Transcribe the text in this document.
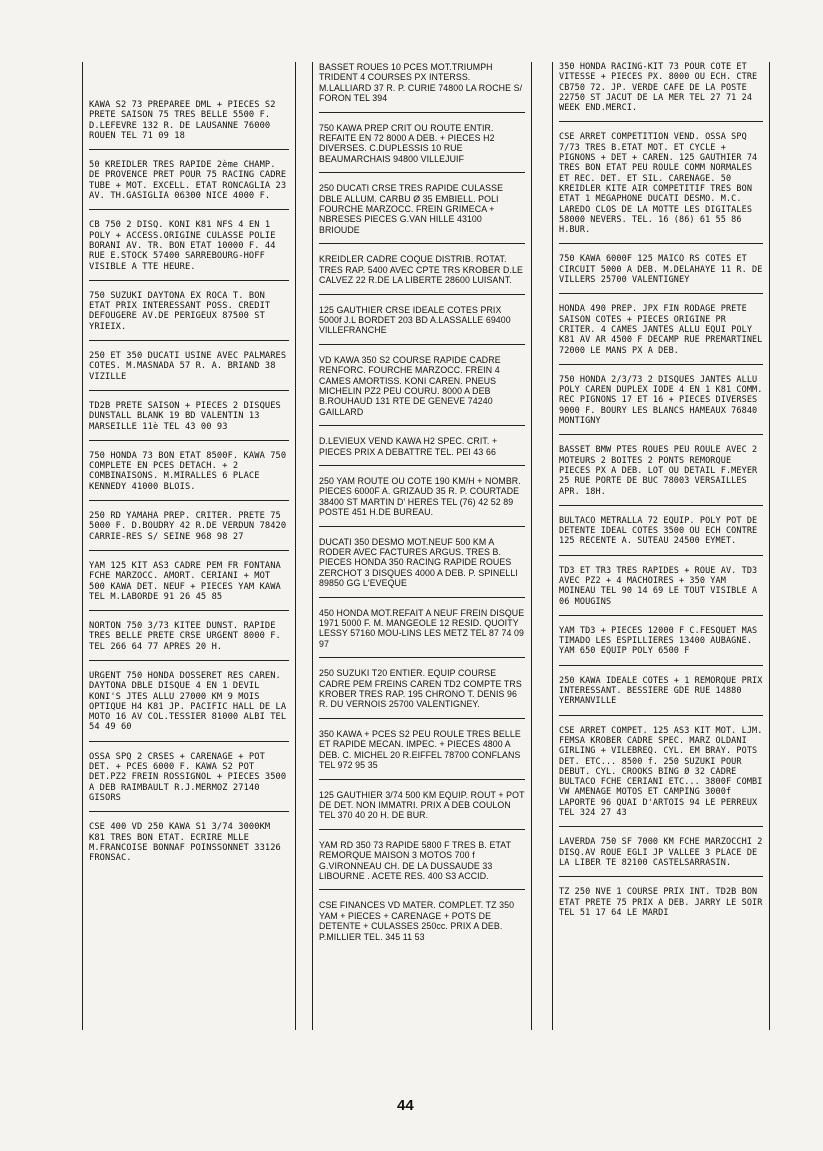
KAWA S2 73 PREPAREE DML + PIECES S2 PRETE SAISON 75 TRES BELLE 5500 F. D.LEFEVRE 132 R. DE LAUSANNE 76000 ROUEN TEL 71 09 18
50 KREIDLER TRES RAPIDE 2ème CHAMP. DE PROVENCE PRET POUR 75 RACING CADRE TUBE + MOT. EXCELL. ETAT RONCAGLIA 23 AV. TH.GASIGLIA 06300 NICE 4000 F.
CB 750 2 DISQ. KONI K81 NFS 4 EN 1 POLY + ACCESS.ORIGINE CULASSE POLIE BORANI AV. TR. BON ETAT 10000 F. 44 RUE E.STOCK 57400 SARREBOURG-HOFF VISIBLE A TTE HEURE.
750 SUZUKI DAYTONA EX ROCA T. BON ETAT PRIX INTERESSANT POSS. CREDIT DEFOUGERE AV.DE PERIGEUX 87500 ST YRIEIX.
250 ET 350 DUCATI USINE AVEC PALMARES COTES. M.MASNADA 57 R. A. BRIAND 38 VIZILLE
TD2B PRETE SAISON + PIECES 2 DISQUES DUNSTALL BLANK 19 BD VALENTIN 13 MARSEILLE 11è TEL 43 00 93
750 HONDA 73 BON ETAT 8500F. KAWA 750 COMPLETE EN PCES DETACH. + 2 COMBINAISONS. M.MIRALLES 6 PLACE KENNEDY 41000 BLOIS.
250 RD YAMAHA PREP. CRITER. PRETE 75 5000 F. D.BOUDRY 42 R.DE VERDUN 78420 CARRIE-RES S/ SEINE 968 98 27
YAM 125 KIT AS3 CADRE PEM FR FONTANA FCHE MARZOCC. AMORT. CERIANI + MOT 500 KAWA DET. NEUF + PIECES YAM KAWA TEL M.LABORDE 91 26 45 85
NORTON 750 3/73 KITEE DUNST. RAPIDE TRES BELLE PRETE CRSE URGENT 8000 F. TEL 266 64 77 APRES 20 H.
URGENT 750 HONDA DOSSERET RES CAREN. DAYTONA DBLE DISQUE 4 EN 1 DEVIL KONI'S JTES ALLU 27000 KM 9 MOIS OPTIQUE H4 K81 JP. PACIFIC HALL DE LA MOTO 16 AV COL.TESSIER 81000 ALBI TEL 54 49 60
OSSA SPQ 2 CRSES + CARENAGE + POT DET. + PCES 6000 F. KAWA S2 POT DET.PZ2 FREIN ROSSIGNOL + PIECES 3500 A DEB RAIMBAULT R.J.MERMOZ 27140 GISORS
CSE 400 VD 250 KAWA S1 3/74 3000KM K81 TRES BON ETAT. ECRIRE MLLE M.FRANCOISE BONNAF POINSSONNET 33126 FRONSAC.
BASSET ROUES 10 PCES MOT.TRIUMPH TRIDENT 4 COURSES PX INTERSS. M.LALLIARD 37 R. P. CURIE 74800 LA ROCHE S/ FORON TEL 394
750 KAWA PREP CRIT OU ROUTE ENTIR. REFAITE EN 72 8000 A DEB. + PIECES H2 DIVERSES. C.DUPLESSIS 10 RUE BEAUMARCHAIS 94800 VILLEJUIF
250 DUCATI CRSE TRES RAPIDE CULASSE DBLE ALLUM. CARBU Ø 35 EMBIELL. POLI FOURCHE MARZOCC. FREIN GRIMECA + NBRESES PIECES G.VAN HILLE 43100 BRIOUDE
KREIDLER CADRE COQUE DISTRIB. ROTAT. TRES RAP. 5400 AVEC CPTE TRS KROBER D.LE CALVEZ 22 R.DE LA LIBERTE 28600 LUISANT.
125 GAUTHIER CRSE IDEALE COTES PRIX 5000f J.L BORDET 203 BD A.LASSALLE 69400 VILLEFRANCHE
VD KAWA 350 S2 COURSE RAPIDE CADRE RENFORC. FOURCHE MARZOCC. FREIN 4 CAMES AMORTISS. KONI CAREN. PNEUS MICHELIN PZ2 PEU COURU. 8000 A DEB B.ROUHAUD 131 RTE DE GENEVE 74240 GAILLARD
D.LEVIEUX VEND KAWA H2 SPEC. CRIT. + PIECES PRIX A DEBATTRE TEL. PEI 43 66
250 YAM ROUTE OU COTE 190 KM/H + NOMBR. PIECES 6000F A. GRIZAUD 35 R. P. COURTADE 38400 ST MARTIN D' HERES TEL (76) 42 52 89 POSTE 451 H.DE BUREAU.
DUCATI 350 DESMO MOT.NEUF 500 KM A RODER AVEC FACTURES ARGUS. TRES B. PIECES HONDA 350 RACING RAPIDE ROUES ZERCHOT 3 DISQUES 4000 A DEB. P. SPINELLI 89850 GG L'EVEQUE
450 HONDA MOT.REFAIT A NEUF FREIN DISQUE 1971 5000 F. M. MANGEOLE 12 RESID. QUOITY LESSY 57160 MOU-LINS LES METZ TEL 87 74 09 97
250 SUZUKI T20 ENTIER. EQUIP COURSE CADRE PEM FREINS CAREN TD2 COMPTE TRS KROBER TRES RAP. 195 CHRONO T. DENIS 96 R. DU VERNOIS 25700 VALENTIGNEY.
350 KAWA + PCES S2 PEU ROULE TRES BELLE ET RAPIDE MECAN. IMPEC. + PIECES 4800 A DEB. C. MICHEL 20 R.EIFFEL 78700 CONFLANS TEL 972 95 35
125 GAUTHIER 3/74 500 KM EQUIP. ROUT + POT DE DET. NON IMMATRI. PRIX A DEB COULON TEL 370 40 20 H. DE BUR.
YAM RD 350 73 RAPIDE 5800 F TRES B. ETAT REMORQUE MAISON 3 MOTOS 700 f G.VIRONNEAU CH. DE LA DUSSAUDE 33 LIBOURNE . ACETE RES. 400 S3 ACCID.
CSE FINANCES VD MATER. COMPLET. TZ 350 YAM + PIECES + CARENAGE + POTS DE DETENTE + CULASSES 250cc. PRIX A DEB. P.MILLIER TEL. 345 11 53
350 HONDA RACING-KIT 73 POUR COTE ET VITESSE + PIECES PX. 8000 OU ECH. CTRE CB750 72. JP. VERDE CAFE DE LA POSTE 22750 ST JACUT DE LA MER TEL 27 71 24 WEEK END.MERCI.
CSE ARRET COMPETITION VEND. OSSA SPQ 7/73 TRES B.ETAT MOT. ET CYCLE + PIGNONS + DET + CAREN. 125 GAUTHIER 74 TRES BON ETAT PEU ROULE COMM NORMALES ET REC. DET. ET SIL. CARENAGE. 50 KREIDLER KITE AIR COMPETITIF TRES BON ETAT 1 MEGAPHONE DUCATI DESMO. M.C. LAREDO CLOS DE LA MOTTE LES DIGITALES 58000 NEVERS. TEL. 16 (86) 61 55 86 H.BUR.
750 KAWA 6000F 125 MAICO RS COTES ET CIRCUIT 5000 A DEB. M.DELAHAYE 11 R. DE VILLERS 25700 VALENTIGNEY
HONDA 490 PREP. JPX FIN RODAGE PRETE SAISON COTES + PIECES ORIGINE PR CRITER. 4 CAMES JANTES ALLU EQUI POLY K81 AV AR 4500 F DECAMP RUE PREMARTINEL 72000 LE MANS PX A DEB.
750 HONDA 2/3/73 2 DISQUES JANTES ALLU POLY CAREN DUPLEX IODE 4 EN 1 K81 COMM. REC PIGNONS 17 ET 16 + PIECES DIVERSES 9000 F. BOURY LES BLANCS HAMEAUX 76840 MONTIGNY
BASSET BMW PTES ROUES PEU ROULE AVEC 2 MOTEURS 2 BOITES 2 PONTS REMORQUE PIECES PX A DEB. LOT OU DETAIL F.MEYER 25 RUE PORTE DE BUC 78003 VERSAILLES APR. 18H.
BULTACO METRALLA 72 EQUIP. POLY POT DE DETENTE IDEAL COTES 3500 OU ECH CONTRE 125 RECENTE A. SUTEAU 24500 EYMET.
TD3 ET TR3 TRES RAPIDES + ROUE AV. TD3 AVEC PZ2 + 4 MACHOIRES + 350 YAM MOINEAU TEL 90 14 69 LE TOUT VISIBLE A 06 MOUGINS
YAM TD3 + PIECES 12000 F C.FESQUET MAS TIMADO LES ESPILLIERES 13400 AUBAGNE. YAM 650 EQUIP POLY 6500 F
250 KAWA IDEALE COTES + 1 REMORQUE PRIX INTERESSANT. BESSIERE GDE RUE 14880 YERMANVILLE
CSE ARRET COMPET. 125 AS3 KIT MOT. LJM. FEMSA KROBER CADRE SPEC. MARZ OLDANI GIRLING + VILEBREQ. CYL. EM BRAY. POTS DET. ETC... 8500 f. 250 SUZUKI POUR DEBUT. CYL. CROOKS BING Ø 32 CADRE BULTACO FCHE CERIANI ETC... 3800F COMBI VW AMENAGE MOTOS ET CAMPING 3000f LAPORTE 96 QUAI D'ARTOIS 94 LE PERREUX TEL 324 27 43
LAVERDA 750 SF 7000 KM FCHE MARZOCCHI 2 DISQ.AV ROUE EGLI JP VALLEE 3 PLACE DE LA LIBER TE 82100 CASTELSARRASIN.
TZ 250 NVE 1 COURSE PRIX INT. TD2B BON ETAT PRETE 75 PRIX A DEB. JARRY LE SOIR TEL 51 17 64 LE MARDI
44
